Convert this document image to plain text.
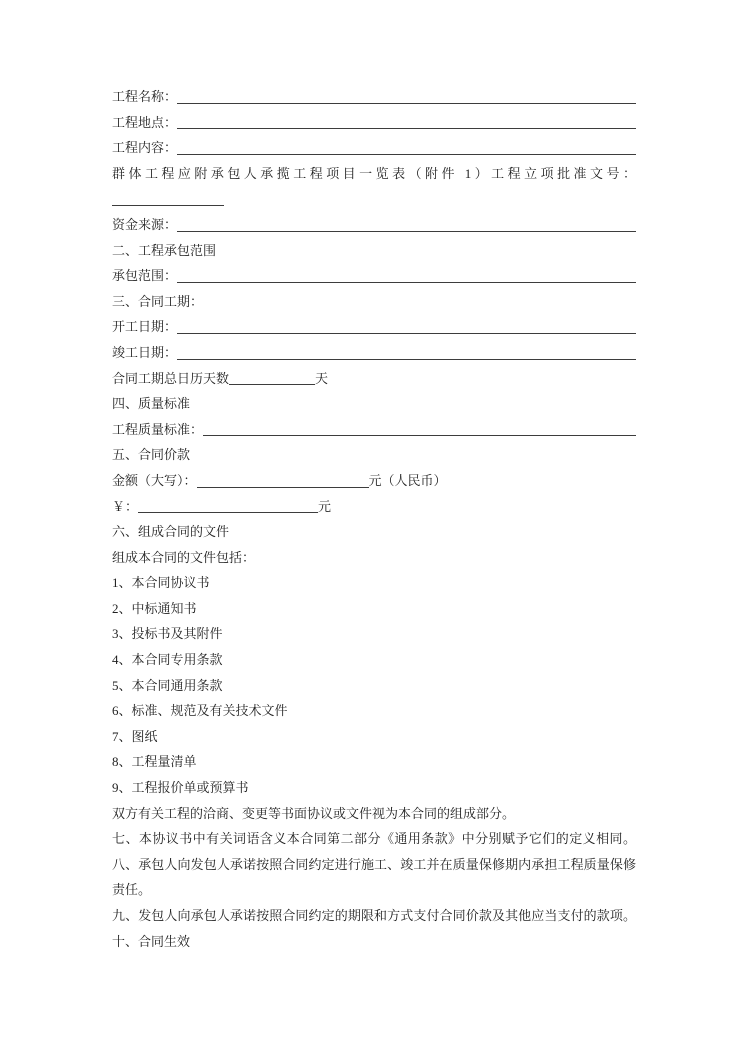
工程名称：
工程地点：
工程内容：
群体工程应附承包人承揽工程项目一览表（附件 1）工程立项批准文号：
资金来源：
二、工程承包范围
承包范围：
三、合同工期：
开工日期：
竣工日期：
合同工期总日历天数	天
四、质量标准
工程质量标准：
五、合同价款
金额（大写）：	元（人民币）
￥：	元
六、组成合同的文件
组成本合同的文件包括：
1、本合同协议书
2、中标通知书
3、投标书及其附件
4、本合同专用条款
5、本合同通用条款
6、标准、规范及有关技术文件
7、图纸
8、工程量清单
9、工程报价单或预算书
双方有关工程的洽商、变更等书面协议或文件视为本合同的组成部分。
七、本协议书中有关词语含义本合同第二部分《通用条款》中分别赋予它们的定义相同。
八、承包人向发包人承诺按照合同约定进行施工、竣工并在质量保修期内承担工程质量保修责任。
九、发包人向承包人承诺按照合同约定的期限和方式支付合同价款及其他应当支付的款项。
十、合同生效
